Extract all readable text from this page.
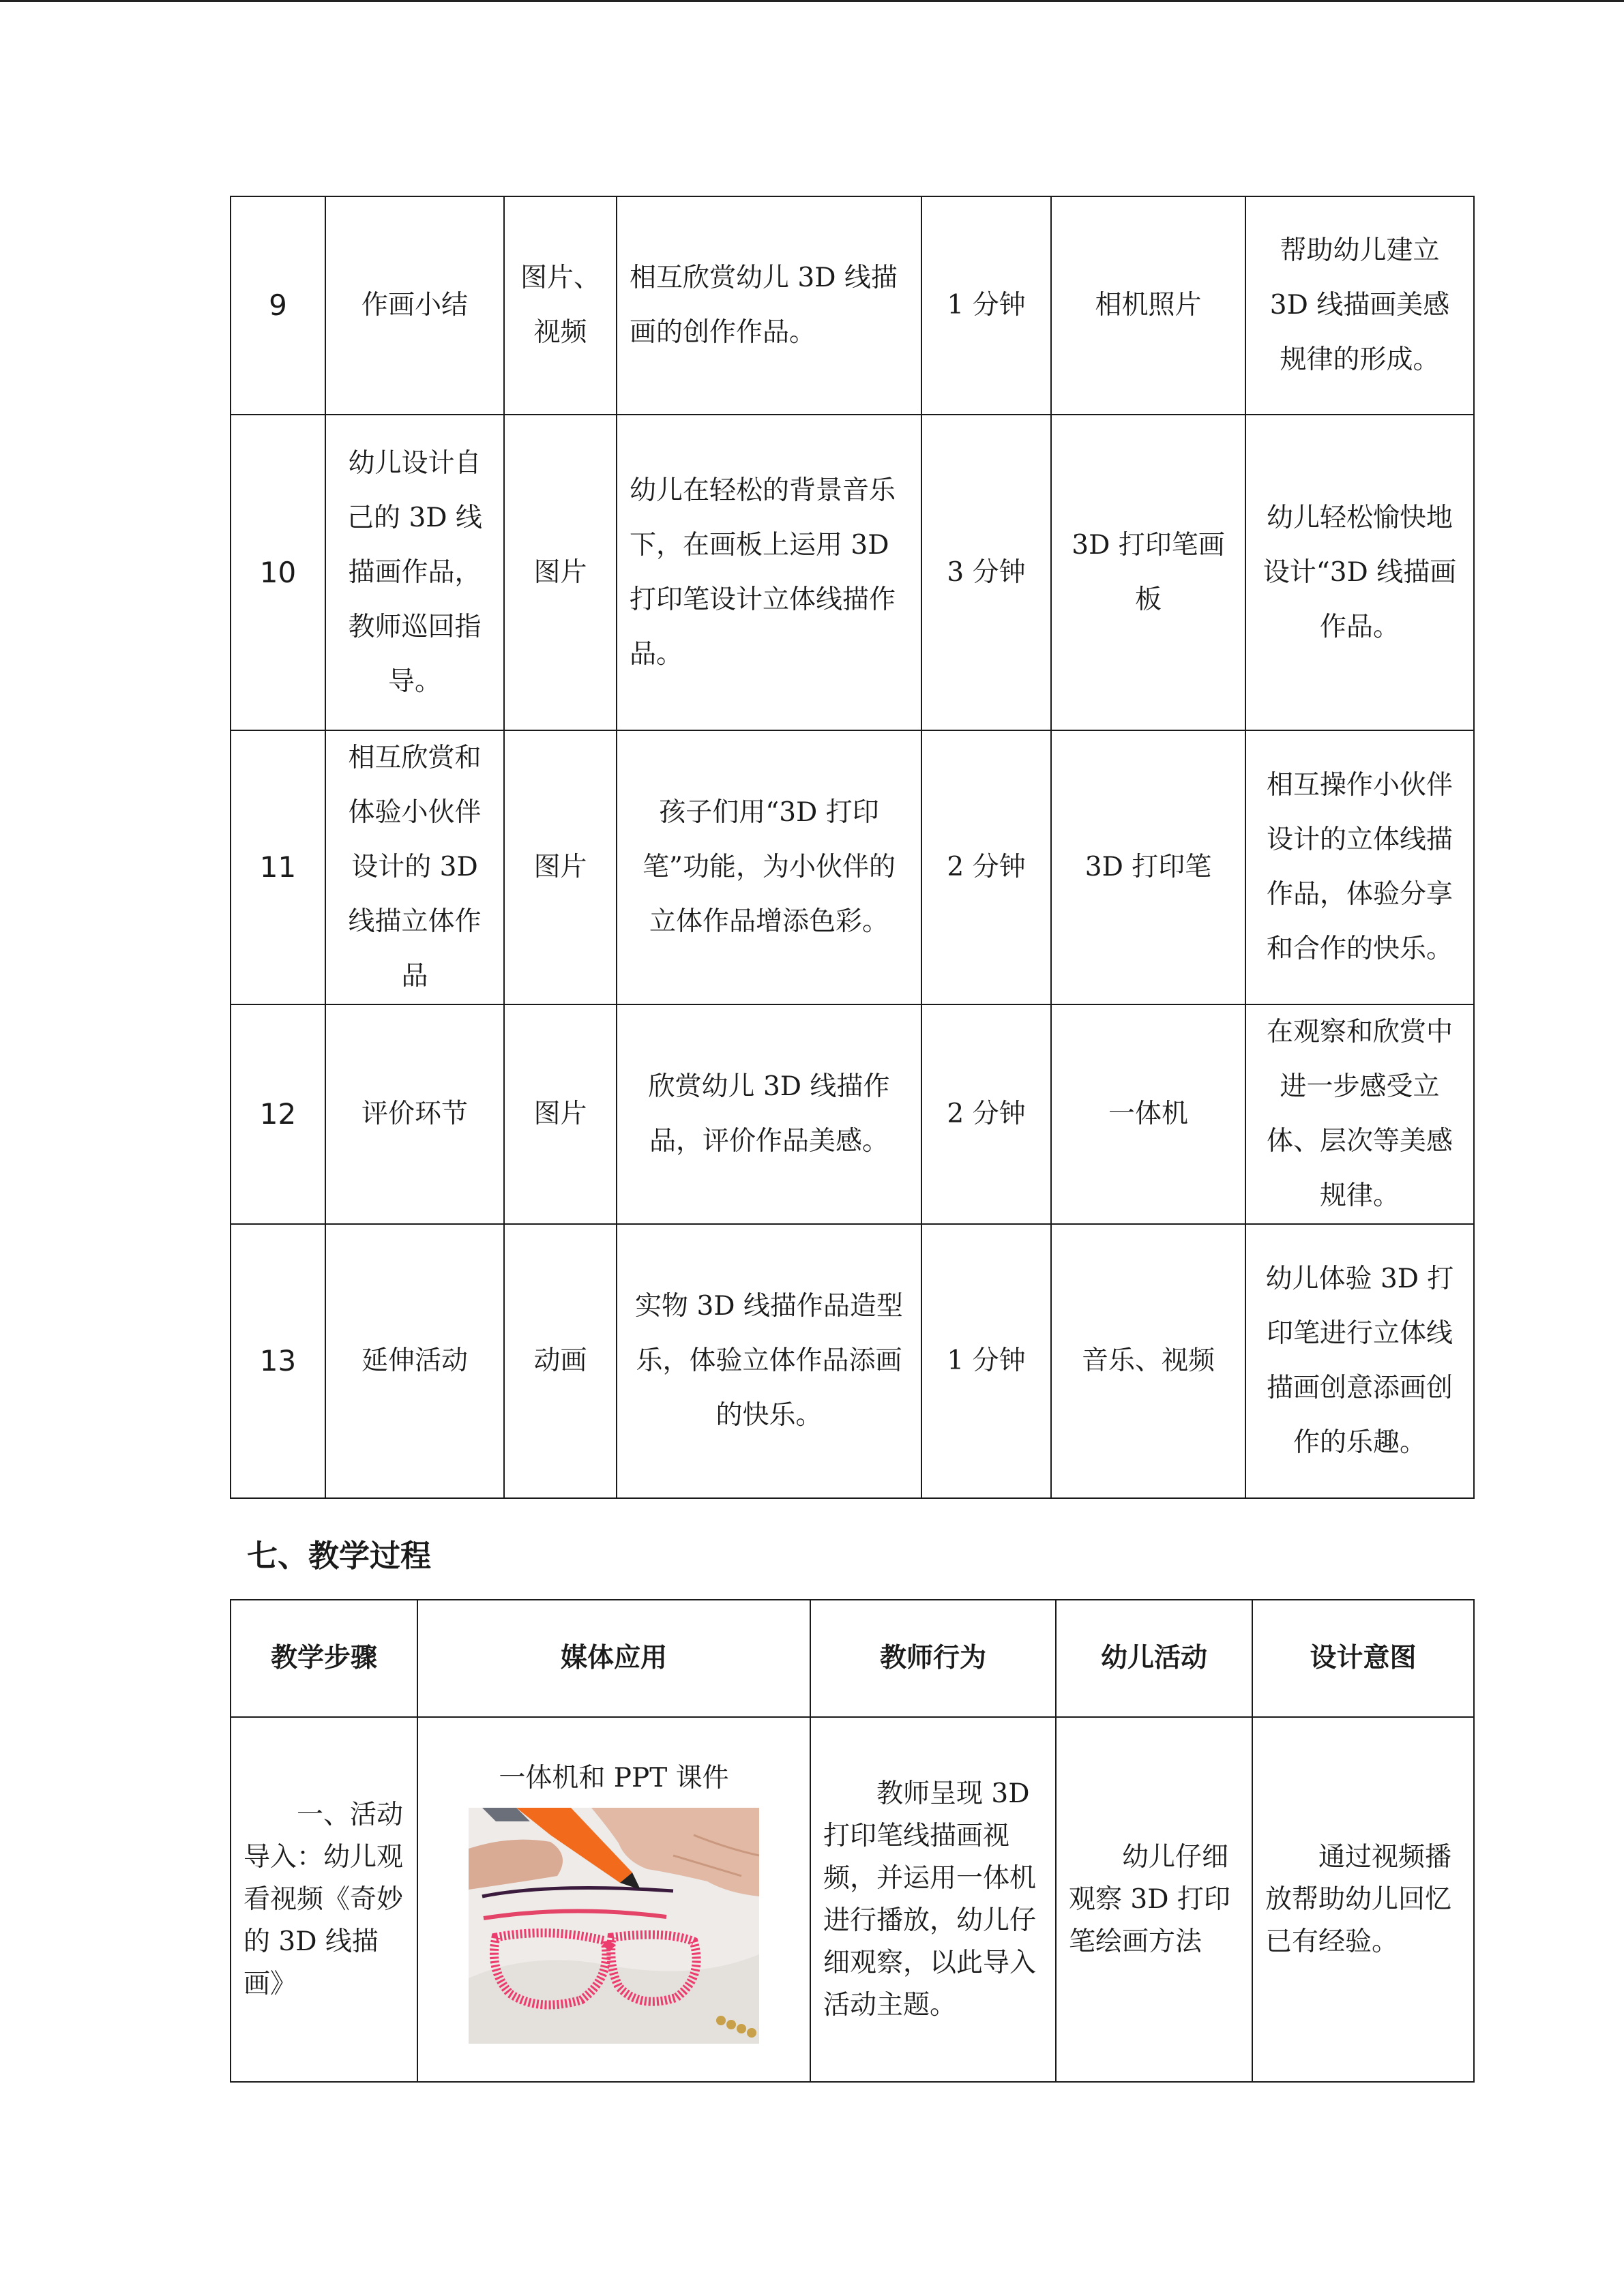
9	作画小结	图片、视频	相互欣赏幼儿 3D 线描画的创作作品。	1 分钟	相机照片	帮助幼儿建立 3D 线描画美感规律的形成。
10	幼儿设计自己的 3D 线描画作品，教师巡回指导。	图片	幼儿在轻松的背景音乐下，在画板上运用 3D 打印笔设计立体线描作品。	3 分钟	3D 打印笔画板	幼儿轻松愉快地设计“3D 线描画作品。
11	相互欣赏和体验小伙伴设计的 3D 线描立体作品	图片	孩子们用“3D 打印笔”功能，为小伙伴的立体作品增添色彩。	2 分钟	3D 打印笔	相互操作小伙伴设计的立体线描作品，体验分享和合作的快乐。
12	评价环节	图片	欣赏幼儿 3D 线描作品，评价作品美感。	2 分钟	一体机	在观察和欣赏中进一步感受立体、层次等美感规律。
13	延伸活动	动画	实物 3D 线描作品造型乐，体验立体作品添画的快乐。	1 分钟	音乐、视频	幼儿体验 3D 打印笔进行立体线描画创意添画创作的乐趣。
七、教学过程
教学步骤	媒体应用	教师行为	幼儿活动	设计意图
一、活动导入：幼儿观看视频《奇妙的 3D 线描画》	一体机和 PPT 课件	教师呈现 3D 打印笔线描画视频，并运用一体机进行播放，幼儿仔细观察，以此导入活动主题。	幼儿仔细观察 3D 打印笔绘画方法	通过视频播放帮助幼儿回忆已有经验。
